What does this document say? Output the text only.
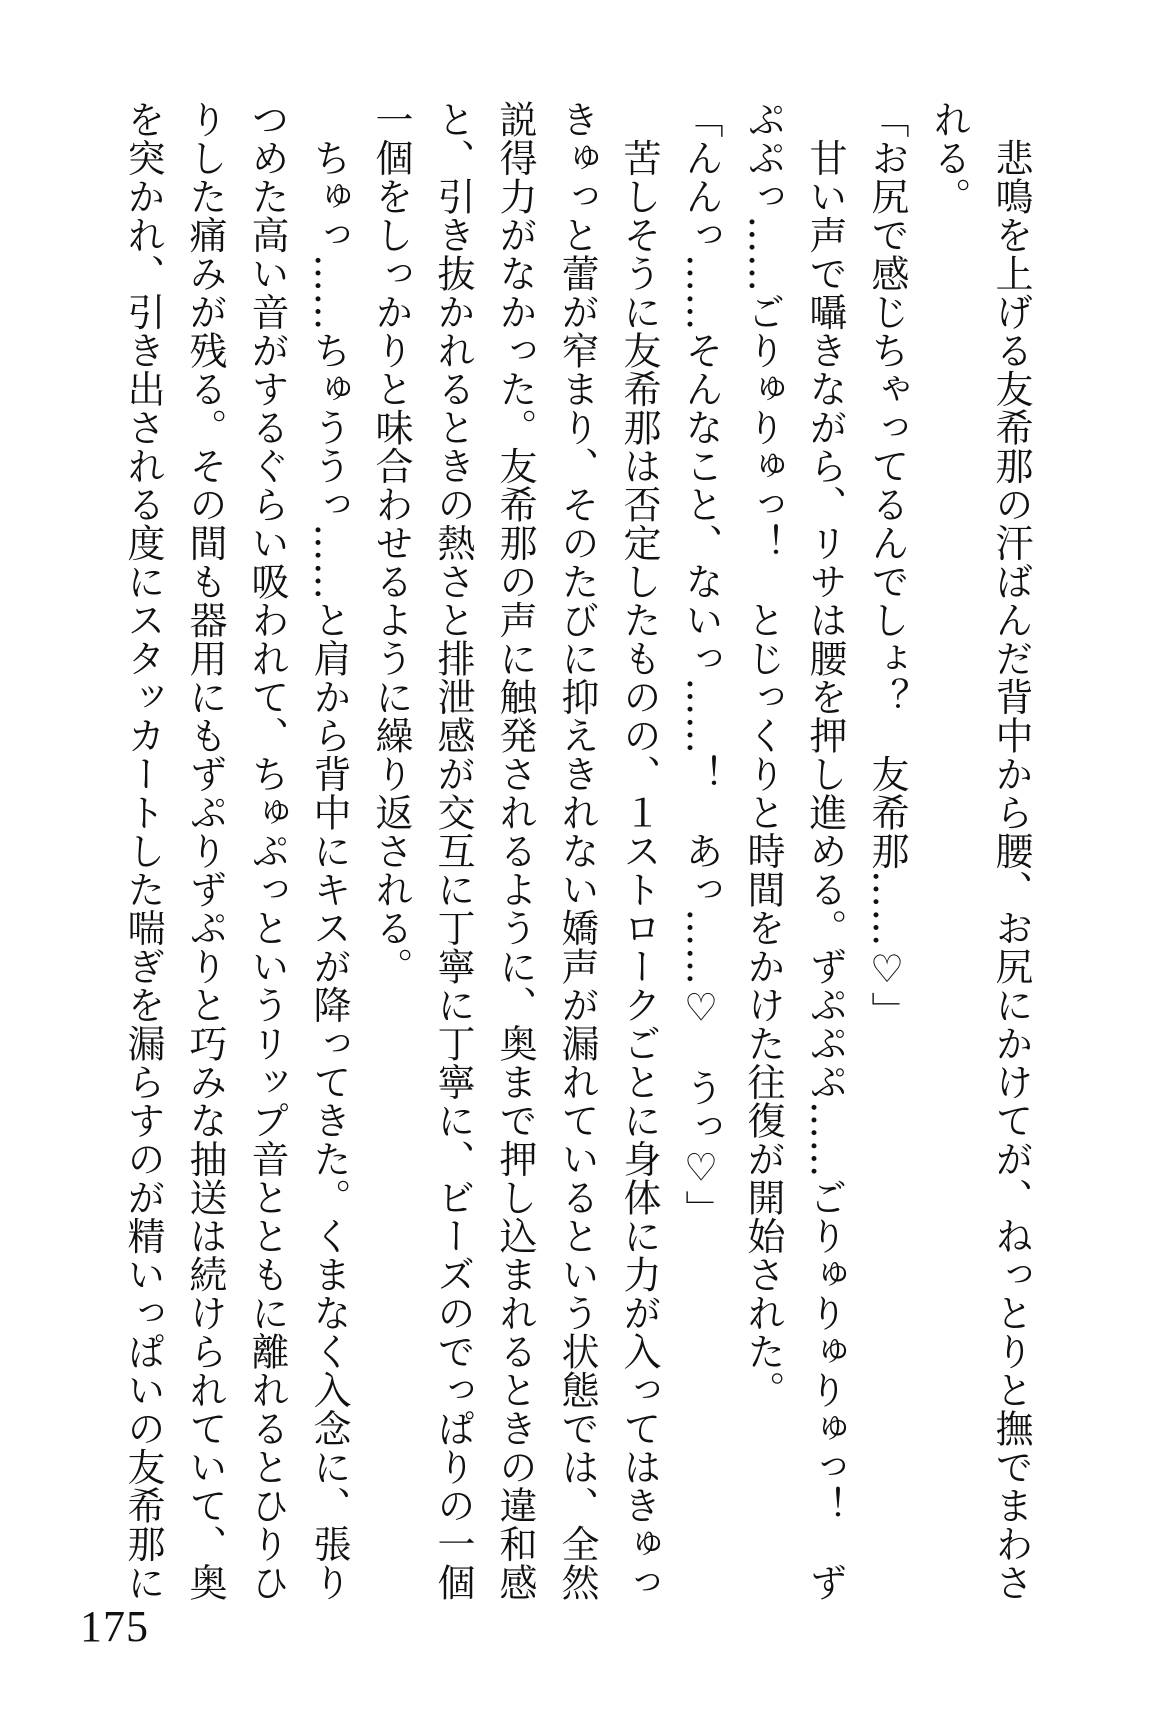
　悲鳴を上げる友希那の汗ばんだ背中から腰、お尻にかけてが、ねっとりと撫でまわさ

れる。

「お尻で感じちゃってるんでしょ？　友希那……♡」

　甘い声で囁きながら、リサは腰を押し進める。ずぷぷぷ……ごりゅりゅりゅっ！　ず

ぷぷっ……ごりゅりゅっ！　とじっくりと時間をかけた往復が開始された。

「んんっ……そんなこと、ないっ……！　あっ……♡　うっ♡」

　苦しそうに友希那は否定したものの、１ストロークごとに身体に力が入ってはきゅっ

きゅっと蕾が窄まり、そのたびに抑えきれない嬌声が漏れているという状態では、全然

説得力がなかった。友希那の声に触発されるように、奥まで押し込まれるときの違和感

と、引き抜かれるときの熱さと排泄感が交互に丁寧に丁寧に、ビーズのでっぱりの一個

一個をしっかりと味合わせるように繰り返される。

　ちゅっ……ちゅううっ……と肩から背中にキスが降ってきた。くまなく入念に、張り

つめた高い音がするぐらい吸われて、ちゅぷっというリップ音とともに離れるとひりひ

りした痛みが残る。その間も器用にもずぷりずぷりと巧みな抽送は続けられていて、奥

を突かれ、引き出される度にスタッカートした喘ぎを漏らすのが精いっぱいの友希那に

175
